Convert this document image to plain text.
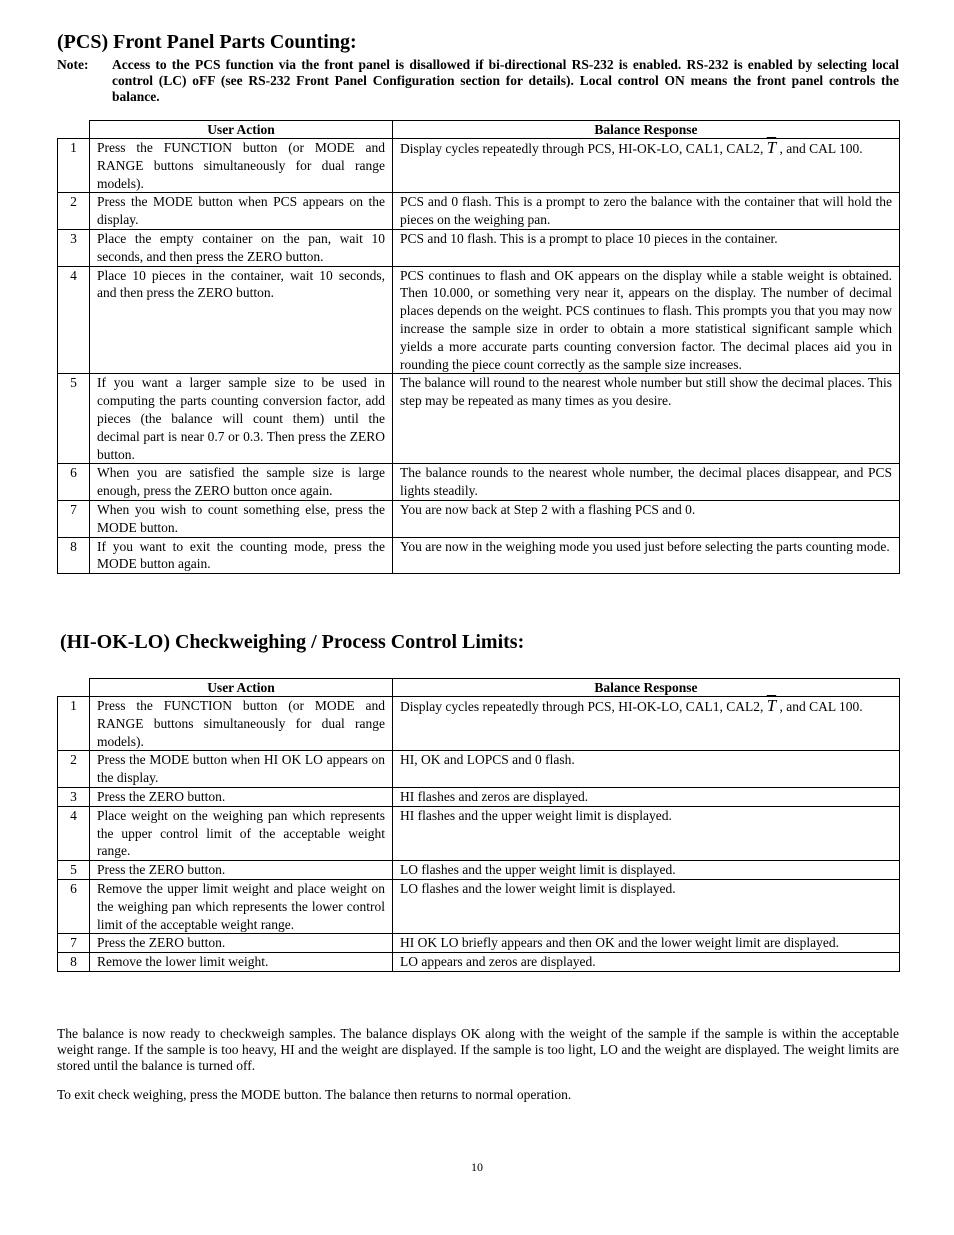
(PCS) Front Panel Parts Counting:
Note: Access to the PCS function via the front panel is disallowed if bi-directional RS-232 is enabled. RS-232 is enabled by selecting local control (LC) oFF (see RS-232 Front Panel Configuration section for details). Local control ON means the front panel controls the balance.
	User Action	Balance Response
1	Press the FUNCTION button (or MODE and RANGE buttons simultaneously for dual range models).	Display cycles repeatedly through PCS, HI-OK-LO, CAL1, CAL2, $\overline{T}$ , and CAL 100.
2	Press the MODE button when PCS appears on the display.	PCS and 0 flash. This is a prompt to zero the balance with the container that will hold the pieces on the weighing pan.
3	Place the empty container on the pan, wait 10 seconds, and then press the ZERO button.	PCS and 10 flash. This is a prompt to place 10 pieces in the container.
4	Place 10 pieces in the container, wait 10 seconds, and then press the ZERO button.	PCS continues to flash and OK appears on the display while a stable weight is obtained. Then 10.000, or something very near it, appears on the display. The number of decimal places depends on the weight. PCS continues to flash. This prompts you that you may now increase the sample size in order to obtain a more statistical significant sample which yields a more accurate parts counting conversion factor. The decimal places aid you in rounding the piece count correctly as the sample size increases.
5	If you want a larger sample size to be used in computing the parts counting conversion factor, add pieces (the balance will count them) until the decimal part is near 0.7 or 0.3. Then press the ZERO button.	The balance will round to the nearest whole number but still show the decimal places. This step may be repeated as many times as you desire.
6	When you are satisfied the sample size is large enough, press the ZERO button once again.	The balance rounds to the nearest whole number, the decimal places disappear, and PCS lights steadily.
7	When you wish to count something else, press the MODE button.	You are now back at Step 2 with a flashing PCS and 0.
8	If you want to exit the counting mode, press the MODE button again.	You are now in the weighing mode you used just before selecting the parts counting mode.
(HI-OK-LO) Checkweighing / Process Control Limits:
	User Action	Balance Response
1	Press the FUNCTION button (or MODE and RANGE buttons simultaneously for dual range models).	Display cycles repeatedly through PCS, HI-OK-LO, CAL1, CAL2, $\overline{T}$ , and CAL 100.
2	Press the MODE button when HI OK LO appears on the display.	HI, OK and LOPCS and 0 flash.
3	Press the ZERO button.	HI flashes and zeros are displayed.
4	Place weight on the weighing pan which represents the upper control limit of the acceptable weight range.	HI flashes and the upper weight limit is displayed.
5	Press the ZERO button.	LO flashes and the upper weight limit is displayed.
6	Remove the upper limit weight and place weight on the weighing pan which represents the lower control limit of the acceptable weight range.	LO flashes and the lower weight limit is displayed.
7	Press the ZERO button.	HI OK LO briefly appears and then OK and the lower weight limit are displayed.
8	Remove the lower limit weight.	LO appears and zeros are displayed.
The balance is now ready to checkweigh samples. The balance displays OK along with the weight of the sample if the sample is within the acceptable weight range. If the sample is too heavy, HI and the weight are displayed. If the sample is too light, LO and the weight are displayed. The weight limits are stored until the balance is turned off.
To exit check weighing, press the MODE button. The balance then returns to normal operation.
10
